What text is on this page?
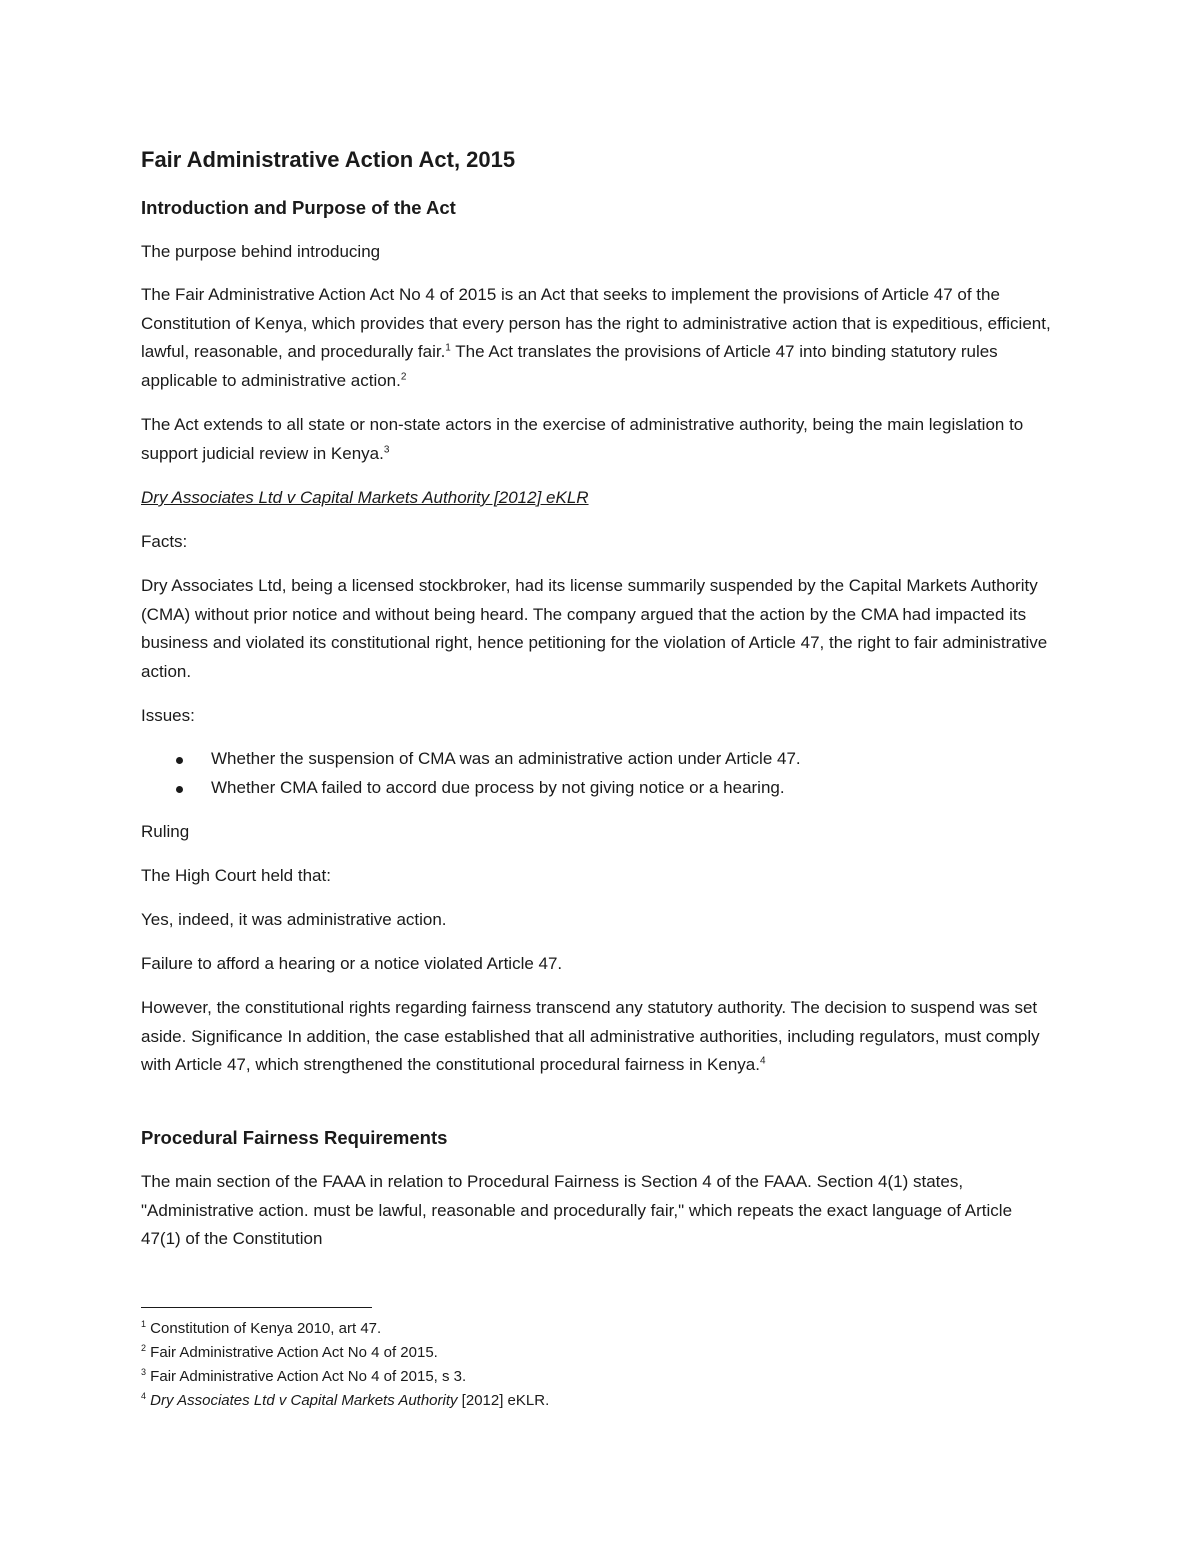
Fair Administrative Action Act, 2015
Introduction and Purpose of the Act

The purpose behind introducing

The Fair Administrative Action Act No 4 of 2015 is an Act that seeks to implement the provisions of Article 47 of the Constitution of Kenya, which provides that every person has the right to administrative action that is expeditious, efficient, lawful, reasonable, and procedurally fair.$^1$ The Act translates the provisions of Article 47 into binding statutory rules applicable to administrative action.$^2$

The Act extends to all state or non-state actors in the exercise of administrative authority, being the main legislation to support judicial review in Kenya.$^3$

Dry Associates Ltd v Capital Markets Authority [2012] eKLR

Facts:

Dry Associates Ltd, being a licensed stockbroker, had its license summarily suspended by the Capital Markets Authority (CMA) without prior notice and without being heard. The company argued that the action by the CMA had impacted its business and violated its constitutional right, hence petitioning for the violation of Article 47, the right to fair administrative action.

Issues:

Whether the suspension of CMA was an administrative action under Article 47.
Whether CMA failed to accord due process by not giving notice or a hearing.

Ruling

The High Court held that:

Yes, indeed, it was administrative action.

Failure to afford a hearing or a notice violated Article 47.

However, the constitutional rights regarding fairness transcend any statutory authority. The decision to suspend was set aside. Significance In addition, the case established that all administrative authorities, including regulators, must comply with Article 47, which strengthened the constitutional procedural fairness in Kenya.$^4$

Procedural Fairness Requirements

The main section of the FAAA in relation to Procedural Fairness is Section 4 of the FAAA. Section 4(1) states, "Administrative action. must be lawful, reasonable and procedurally fair," which repeats the exact language of Article 47(1) of the Constitution

$^1$ Constitution of Kenya 2010, art 47.
$^2$ Fair Administrative Action Act No 4 of 2015.
$^3$ Fair Administrative Action Act No 4 of 2015, s 3.
$^4$ Dry Associates Ltd v Capital Markets Authority [2012] eKLR.
